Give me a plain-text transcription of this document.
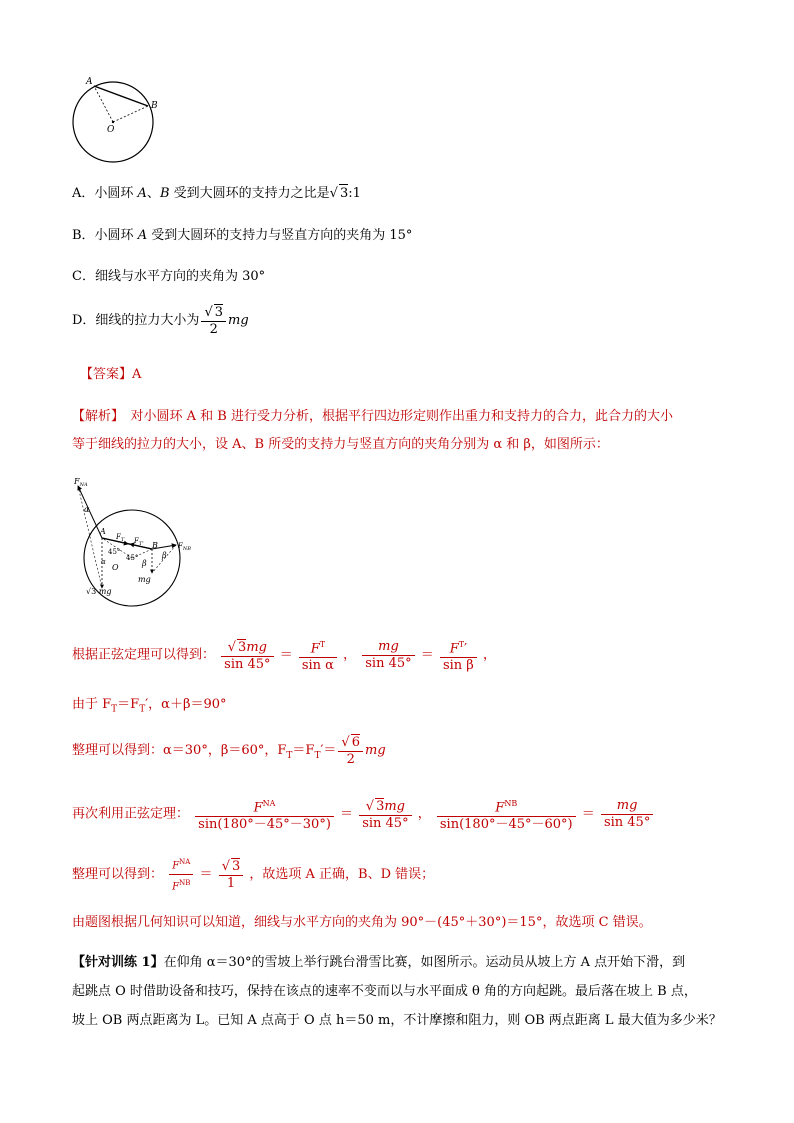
A
B
O
A．小圆环 A、B 受到大圆环的支持力之比是√ 3:1
B．小圆环 A 受到大圆环的支持力与竖直方向的夹角为 15°
C．细线与水平方向的夹角为 30°
D．细线的拉力大小为 $\frac{√ 3}{2}$ mg
【答案】A
【解析】　对小圆环 A 和 B 进行受力分析，根据平行四边形定则作出重力和支持力的合力，此合力的大小
等于细线的拉力的大小，设 A、B 所受的支持力与竖直方向的夹角分别为 α 和 β，如图所示：
$F_{NA}$
α
A
$F_T$ $F_{T'}$
45°
45°
B
β
β
$F_{NB}$
O
α
mg
√3 mg
根据正弦定理可以得到： $\frac{√ 3mg}{\sin 45^\circ} = \frac{F^T}{\text{sin α}}$ ， $\frac{mg}{\sin 45^\circ} = \frac{F^T'}{\text{sin β}}$ ，
由于 $F_T=F_T'$，α＋β＝90°
整理可以得到：α＝30°，β＝60°，$F_T=F_T'= \frac{√ 6}{2}$ mg
再次利用正弦定理： $\frac{F^{NA}}{\sin(180^\circ-45^\circ-30^\circ)} = \frac{√ 3mg}{\sin 45^\circ}$ ， $\frac{F^{NB}}{\sin(180^\circ-45^\circ-60^\circ)} = \frac{mg}{\sin 45^\circ}$
整理可以得到： $\frac{F^{NA}}{F^{NB}} = \frac{√ 3}{1}$ ，故选项 A 正确，B、D 错误；
由题图根据几何知识可以知道，细线与水平方向的夹角为 90°－(45°＋30°)＝15°，故选项 C 错误。
【针对训练 1】在仰角 α＝30°的雪坡上举行跳台滑雪比赛，如图所示。运动员从坡上方 A 点开始下滑，到
起跳点 O 时借助设备和技巧，保持在该点的速率不变而以与水平面成 θ 角的方向起跳。最后落在坡上 B 点，
坡上 OB 两点距离为 L。已知 A 点高于 O 点 h＝50 m，不计摩擦和阻力，则 OB 两点距离 L 最大值为多少米？
